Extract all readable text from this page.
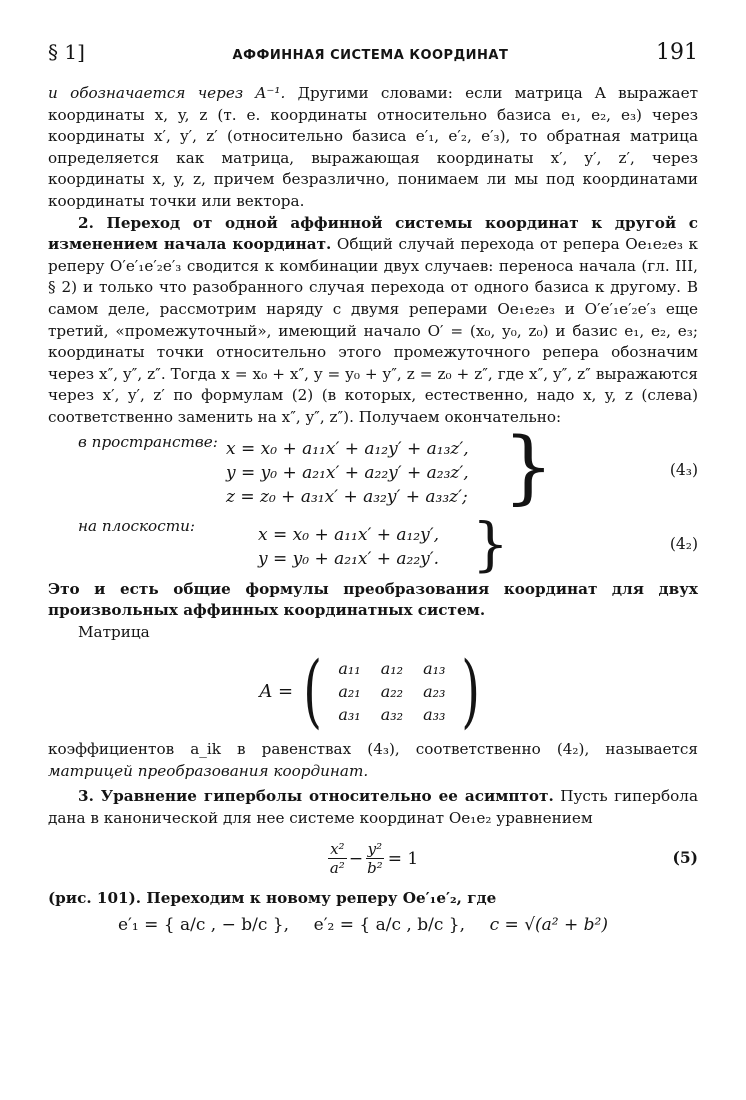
§ 1]	АФФИННАЯ СИСТЕМА КООРДИНАТ	191

и обозначается через A⁻¹. Другими словами: если матрица A выражает координаты x, y, z (т. е. координаты относительно базиса e₁, e₂, e₃) через координаты x′, y′, z′ (относительно базиса e′₁, e′₂, e′₃), то обратная матрица определяется как матрица, выражающая координаты x′, y′, z′, через координаты x, y, z, причем безразлично, понимаем ли мы под координатами координаты точки или вектора.

2. Переход от одной аффинной системы координат к другой с изменением начала координат. Общий случай перехода от репера Oe₁e₂e₃ к реперу O′e′₁e′₂e′₃ сводится к комбинации двух случаев: переноса начала (гл. III, § 2) и только что разобранного случая перехода от одного базиса к другому. В самом деле, рассмотрим наряду с двумя реперами Oe₁e₂e₃ и O′e′₁e′₂e′₃ еще третий, «промежуточный», имеющий начало O′ = (x₀, y₀, z₀) и базис e₁, e₂, e₃; координаты точки относительно этого промежуточного репера обозначим через x″, y″, z″. Тогда x = x₀ + x″, y = y₀ + y″, z = z₀ + z″, где x″, y″, z″ выражаются через x′, y′, z′ по формулам (2) (в которых, естественно, надо x, y, z (слева) соответственно заменить на x″, y″, z″). Получаем окончательно:

в пространстве: x = x₀ + a₁₁x′ + a₁₂y′ + a₁₃z′,
y = y₀ + a₂₁x′ + a₂₂y′ + a₂₃z′,
z = z₀ + a₃₁x′ + a₃₂y′ + a₃₃z′; }	(4₃)
на плоскости:	x = x₀ + a₁₁x′ + a₁₂y′,
y = y₀ + a₂₁x′ + a₂₂y′. }	(4₂)

Это и есть общие формулы преобразования координат для двух произвольных аффинных координатных систем.

Матрица

A = ( a₁₁	a₁₂	a₁₃
a₂₁	a₂₂	a₂₃
a₃₁	a₃₂	a₃₃ )

коэффициентов a_ik в равенствах (4₃), соответственно (4₂), называется матрицей преобразования координат.

3. Уравнение гиперболы относительно ее асимптот. Пусть гипербола дана в канонической для нее системе координат Oe₁e₂ уравнением

$\frac{\text{x²}}{\text{a²}} - \frac{\text{y²}}{\text{b²}} = 1$	(5)

(рис. 101). Переходим к новому реперу Oe′₁e′₂, где

e′₁ = { a/c , − b/c }, e′₂ = { a/c , b/c }, c = √(a² + b²)
